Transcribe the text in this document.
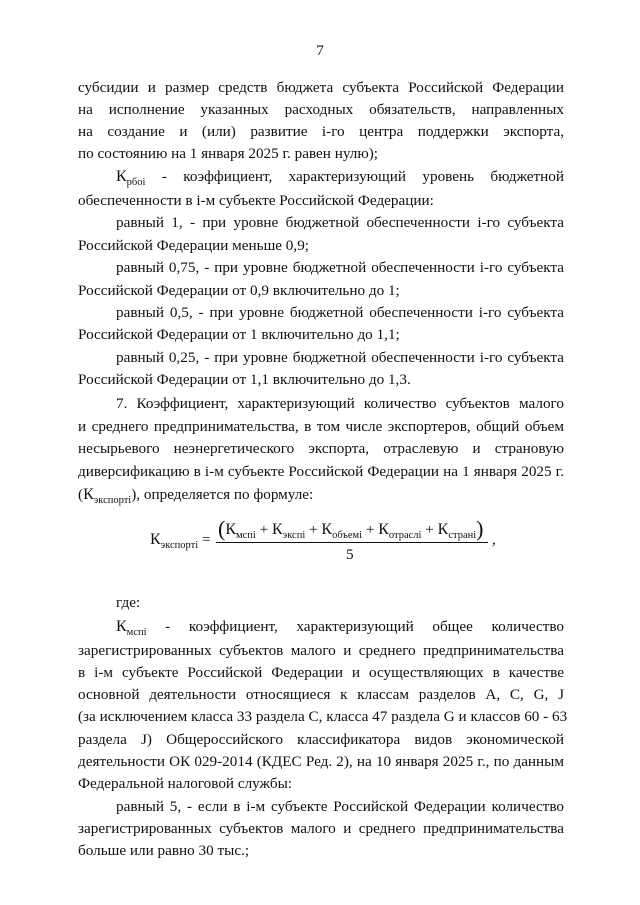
7
субсидии и размер средств бюджета субъекта Российской Федерации
на исполнение указанных расходных обязательств, направленных
на создание и (или) развитие i-го центра поддержки экспорта,
по состоянию на 1 января 2025 г. равен нулю);
$К_{рбоi}$ - коэффициент, характеризующий уровень бюджетной
обеспеченности в i-м субъекте Российской Федерации:
равный 1, - при уровне бюджетной обеспеченности i-го субъекта
Российской Федерации меньше 0,9;
равный 0,75, - при уровне бюджетной обеспеченности i-го субъекта
Российской Федерации от 0,9 включительно до 1;
равный 0,5, - при уровне бюджетной обеспеченности i-го субъекта
Российской Федерации от 1 включительно до 1,1;
равный 0,25, - при уровне бюджетной обеспеченности i-го субъекта
Российской Федерации от 1,1 включительно до 1,3.
7. Коэффициент, характеризующий количество субъектов малого
и среднего предпринимательства, в том числе экспортеров, общий объем
несырьевого неэнергетического экспорта, отраслевую и страновую
диверсификацию в i-м субъекте Российской Федерации на 1 января 2025 г.
$(К_{экспортi})$, определяется по формуле:
$К_{экспортi} = (К_{мспi} + К_{экспi} + К_{объемi} + К_{отраслi} + К_{странi})$
5
,
где:
$К_{мспi}$ - коэффициент, характеризующий общее количество
зарегистрированных субъектов малого и среднего предпринимательства
в i-м субъекте Российской Федерации и осуществляющих в качестве
основной деятельности относящиеся к классам разделов A, C, G, J
(за исключением класса 33 раздела C, класса 47 раздела G и классов 60 - 63
раздела J) Общероссийского классификатора видов экономической
деятельности ОК 029-2014 (КДЕС Ред. 2), на 10 января 2025 г., по данным
Федеральной налоговой службы:
равный 5, - если в i-м субъекте Российской Федерации количество
зарегистрированных субъектов малого и среднего предпринимательства
больше или равно 30 тыс.;
